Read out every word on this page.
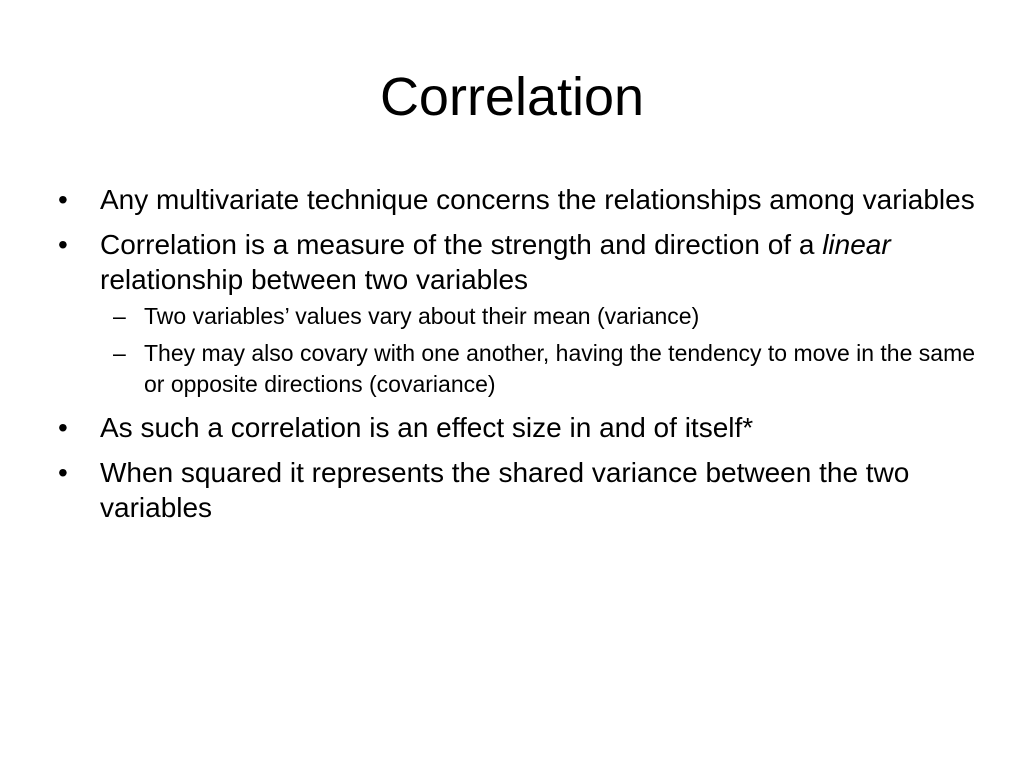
Correlation
• Any multivariate technique concerns the relationships among variables
• Correlation is a measure of the strength and direction of a linear relationship between two variables
– Two variables’ values vary about their mean (variance)
– They may also covary with one another, having the tendency to move in the same or opposite directions (covariance)
• As such a correlation is an effect size in and of itself*
• When squared it represents the shared variance between the two variables
